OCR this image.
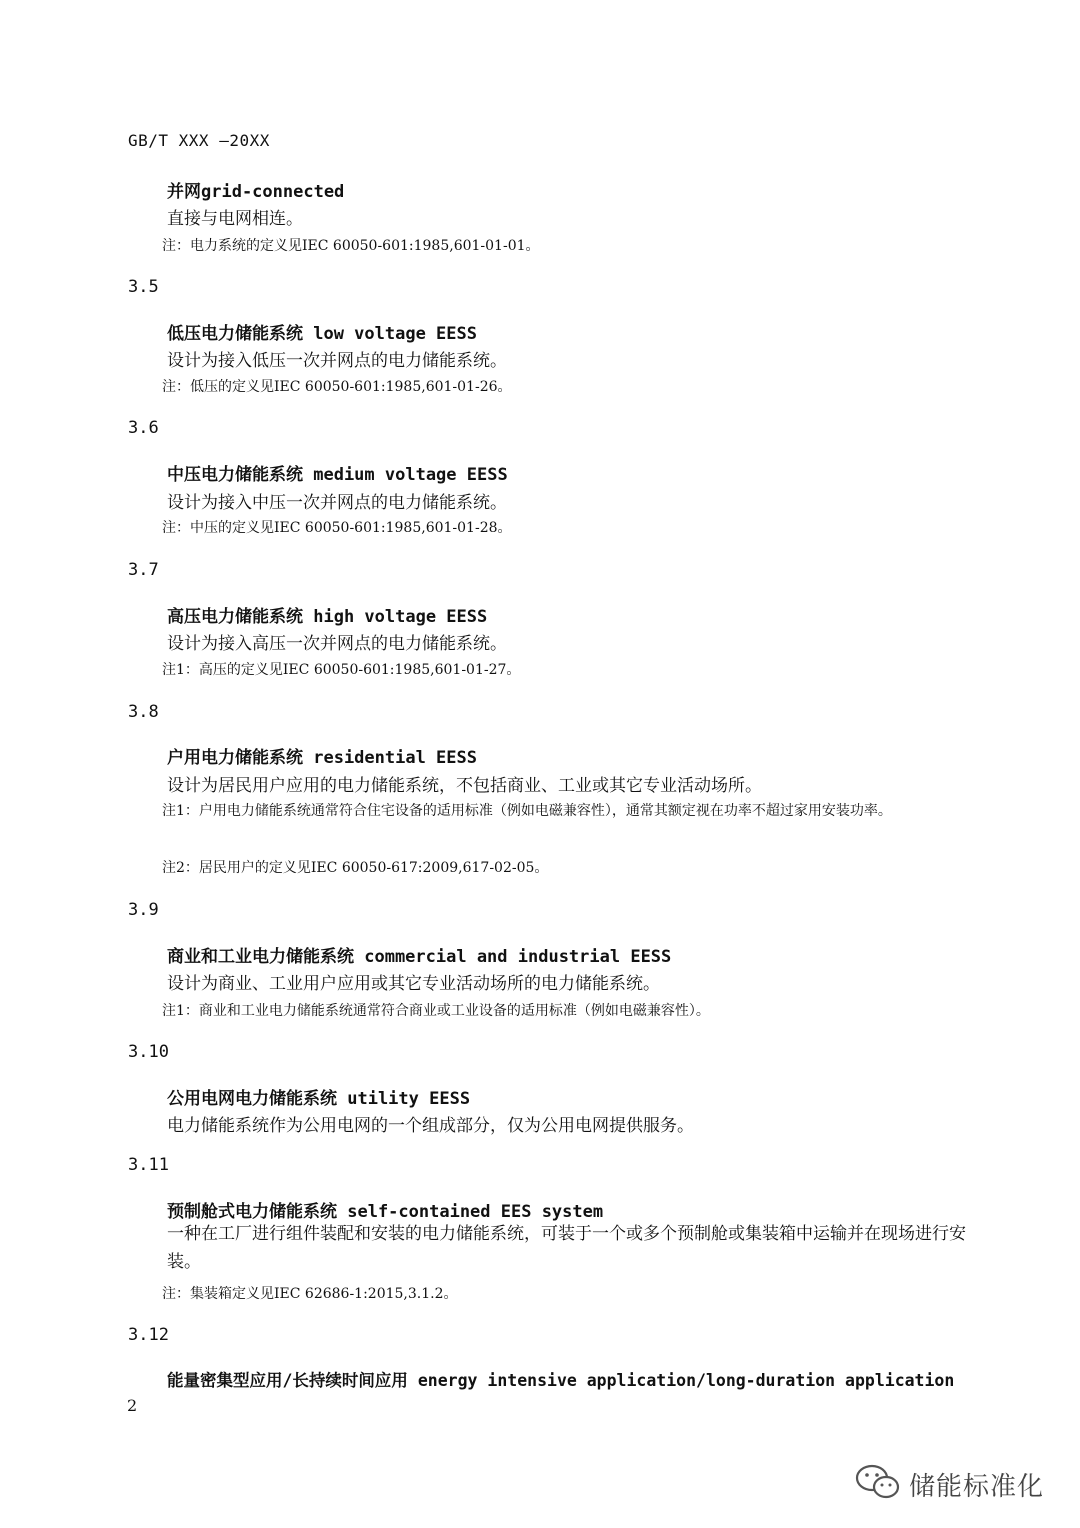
GB/T XXX —20XX
并网grid-connected
直接与电网相连。
注：电力系统的定义见IEC 60050-601:1985,601-01-01。
3.5
低压电力储能系统 low voltage EESS
设计为接入低压一次并网点的电力储能系统。
注：低压的定义见IEC 60050-601:1985,601-01-26。
3.6
中压电力储能系统 medium voltage EESS
设计为接入中压一次并网点的电力储能系统。
注：中压的定义见IEC 60050-601:1985,601-01-28。
3.7
高压电力储能系统 high voltage EESS
设计为接入高压一次并网点的电力储能系统。
注1：高压的定义见IEC 60050-601:1985,601-01-27。
3.8
户用电力储能系统 residential EESS
设计为居民用户应用的电力储能系统，不包括商业、工业或其它专业活动场所。
注1：户用电力储能系统通常符合住宅设备的适用标准（例如电磁兼容性），通常其额定视在功率不超过家用安装功率。
注2：居民用户的定义见IEC 60050-617:2009,617-02-05。
3.9
商业和工业电力储能系统 commercial and industrial EESS
设计为商业、工业用户应用或其它专业活动场所的电力储能系统。
注1：商业和工业电力储能系统通常符合商业或工业设备的适用标准（例如电磁兼容性）。
3.10
公用电网电力储能系统 utility EESS
电力储能系统作为公用电网的一个组成部分，仅为公用电网提供服务。
3.11
预制舱式电力储能系统 self-contained EES system
一种在工厂进行组件装配和安装的电力储能系统，可装于一个或多个预制舱或集装箱中运输并在现场进行安装。
注：集装箱定义见IEC 62686-1:2015,3.1.2。
3.12
能量密集型应用/长持续时间应用 energy intensive application/long-duration application
2
储能标准化
